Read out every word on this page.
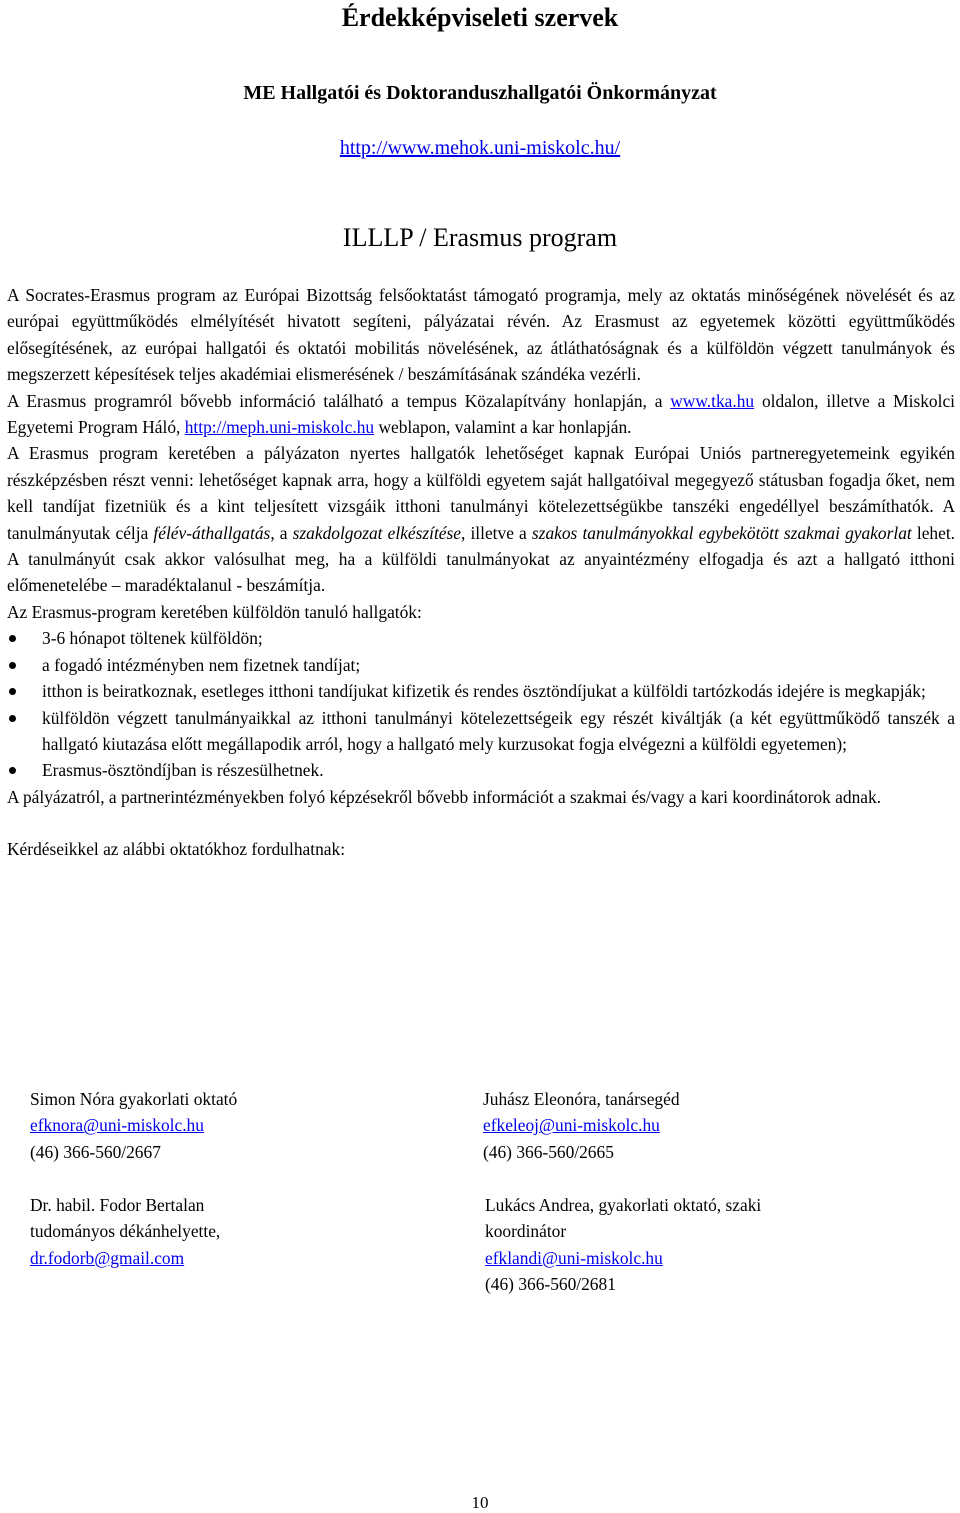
Érdekképviseleti szervek
ME Hallgatói és Doktoranduszhallgatói Önkormányzat
http://www.mehok.uni-miskolc.hu/
ILLLP / Erasmus program

A Socrates-Erasmus program az Európai Bizottság felsőoktatást támogató programja, mely az oktatás minőségének növelését és az európai együttműködés elmélyítését hivatott segíteni, pályázatai révén. Az Erasmust az egyetemek közötti együttműködés elősegítésének, az európai hallgatói és oktatói mobilitás növelésének, az átláthatóságnak és a külföldön végzett tanulmányok és megszerzett képesítések teljes akadémiai elismerésének / beszámításának szándéka vezérli.

A Erasmus programról bővebb információ található a tempus Közalapítvány honlapján, a www.tka.hu oldalon, illetve a Miskolci Egyetemi Program Háló, http://meph.uni-miskolc.hu weblapon, valamint a kar honlapján.

A Erasmus program keretében a pályázaton nyertes hallgatók lehetőséget kapnak Európai Uniós partneregyetemeink egyikén részképzésben részt venni: lehetőséget kapnak arra, hogy a külföldi egyetem saját hallgatóival megegyező státusban fogadja őket, nem kell tandíjat fizetniük és a kint teljesített vizsgáik itthoni tanulmányi kötelezettségükbe tanszéki engedéllyel beszámíthatók. A tanulmányutak célja félév-áthallgatás, a szakdolgozat elkészítése, illetve a szakos tanulmányokkal egybekötött szakmai gyakorlat lehet. A tanulmányút csak akkor valósulhat meg, ha a külföldi tanulmányokat az anyaintézmény elfogadja és azt a hallgató itthoni előmenetelébe – maradéktalanul - beszámítja.

Az Erasmus-program keretében külföldön tanuló hallgatók:

3-6 hónapot töltenek külföldön;
a fogadó intézményben nem fizetnek tandíjat;
itthon is beiratkoznak, esetleges itthoni tandíjukat kifizetik és rendes ösztöndíjukat a külföldi tartózkodás idejére is megkapják;
külföldön végzett tanulmányaikkal az itthoni tanulmányi kötelezettségeik egy részét kiváltják (a két együttműködő tanszék a hallgató kiutazása előtt megállapodik arról, hogy a hallgató mely kurzusokat fogja elvégezni a külföldi egyetemen);
Erasmus-ösztöndíjban is részesülhetnek.

A pályázatról, a partnerintézményekben folyó képzésekről bővebb információt a szakmai és/vagy a kari koordinátorok adnak.

Kérdéseikkel az alábbi oktatókhoz fordulhatnak:

Simon Nóra gyakorlati oktató
efknora@uni-miskolc.hu
(46) 366-560/2667
Juhász Eleonóra, tanársegéd
efkeleoj@uni-miskolc.hu
(46) 366-560/2665
Dr. habil. Fodor Bertalan
tudományos dékánhelyette,
dr.fodorb@gmail.com
Lukács Andrea, gyakorlati oktató, szaki
koordinátor
efklandi@uni-miskolc.hu
(46) 366-560/2681
10
